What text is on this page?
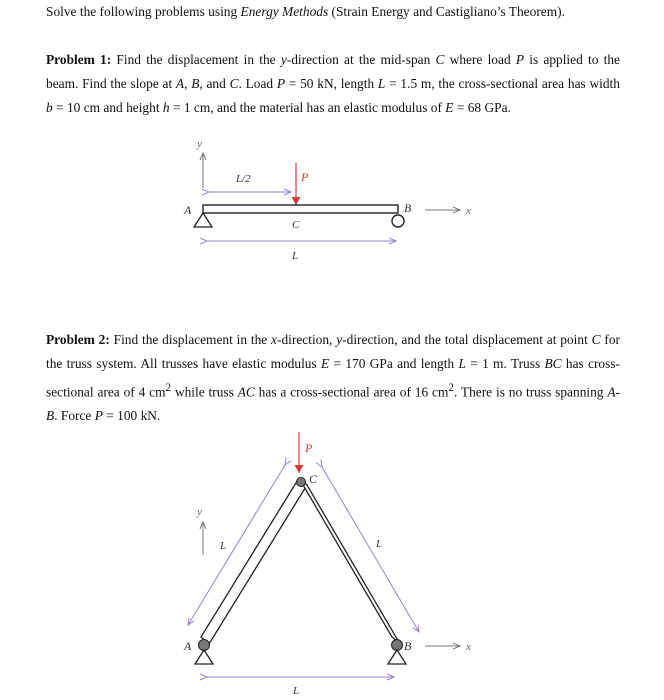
Solve the following problems using Energy Methods (Strain Energy and Castigliano’s Theorem).
Problem 1: Find the displacement in the y-direction at the mid-span C where load P is applied to the beam. Find the slope at A, B, and C. Load P = 50 kN, length L = 1.5 m, the cross-sectional area has width b = 10 cm and height h = 1 cm, and the material has an elastic modulus of E = 68 GPa.
Problem 2: Find the displacement in the x-direction, y-direction, and the total displacement at point C for the truss system. All trusses have elastic modulus E = 170 GPa and length L = 1 m. Truss BC has cross-sectional area of 4 $cm^2$ while truss AC has a cross-sectional area of 16 $cm^2$. There is no truss spanning A-B. Force P = 100 kN.
y
L/2	P
A	B	x
C
L
P
C
L	L
y
A	B	x
L
